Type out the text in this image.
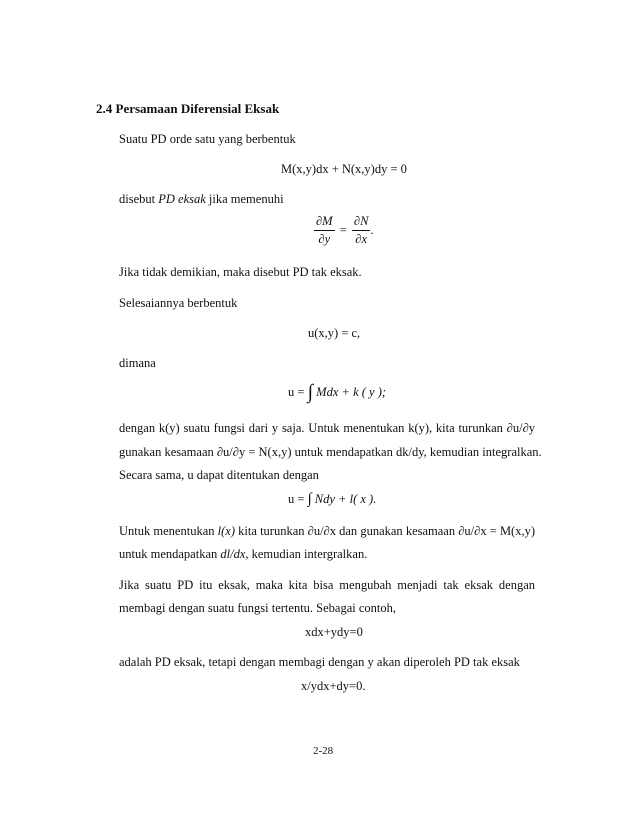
2.4 Persamaan Diferensial Eksak
Suatu PD orde satu yang berbentuk
M(x,y)dx + N(x,y)dy = 0
disebut PD eksak jika memenuhi
$\frac{\partial M}{\partial y} = \frac{\partial N}{\partial x}$ .
Jika tidak demikian, maka disebut PD tak eksak.
Selesaiannya berbentuk
u(x,y) = c,
dimana
u = ∫ Mdx + k ( y );
dengan k(y) suatu fungsi dari y saja. Untuk menentukan k(y), kita turunkan ∂u/∂y
gunakan kesamaan ∂u/∂y = N(x,y) untuk mendapatkan dk/dy, kemudian integralkan.
Secara sama, u dapat ditentukan dengan
u = ∫ Ndy + l( x ).
Untuk menentukan l(x) kita turunkan ∂u/∂x dan gunakan kesamaan ∂u/∂x = M(x,y)
untuk mendapatkan dl/dx, kemudian intergralkan.
Jika suatu PD itu eksak, maka kita bisa mengubah menjadi tak eksak dengan
membagi dengan suatu fungsi tertentu. Sebagai contoh,
xdx+ydy=0
adalah PD eksak, tetapi dengan membagi dengan y akan diperoleh PD tak eksak
x/ydx+dy=0.
2-28
